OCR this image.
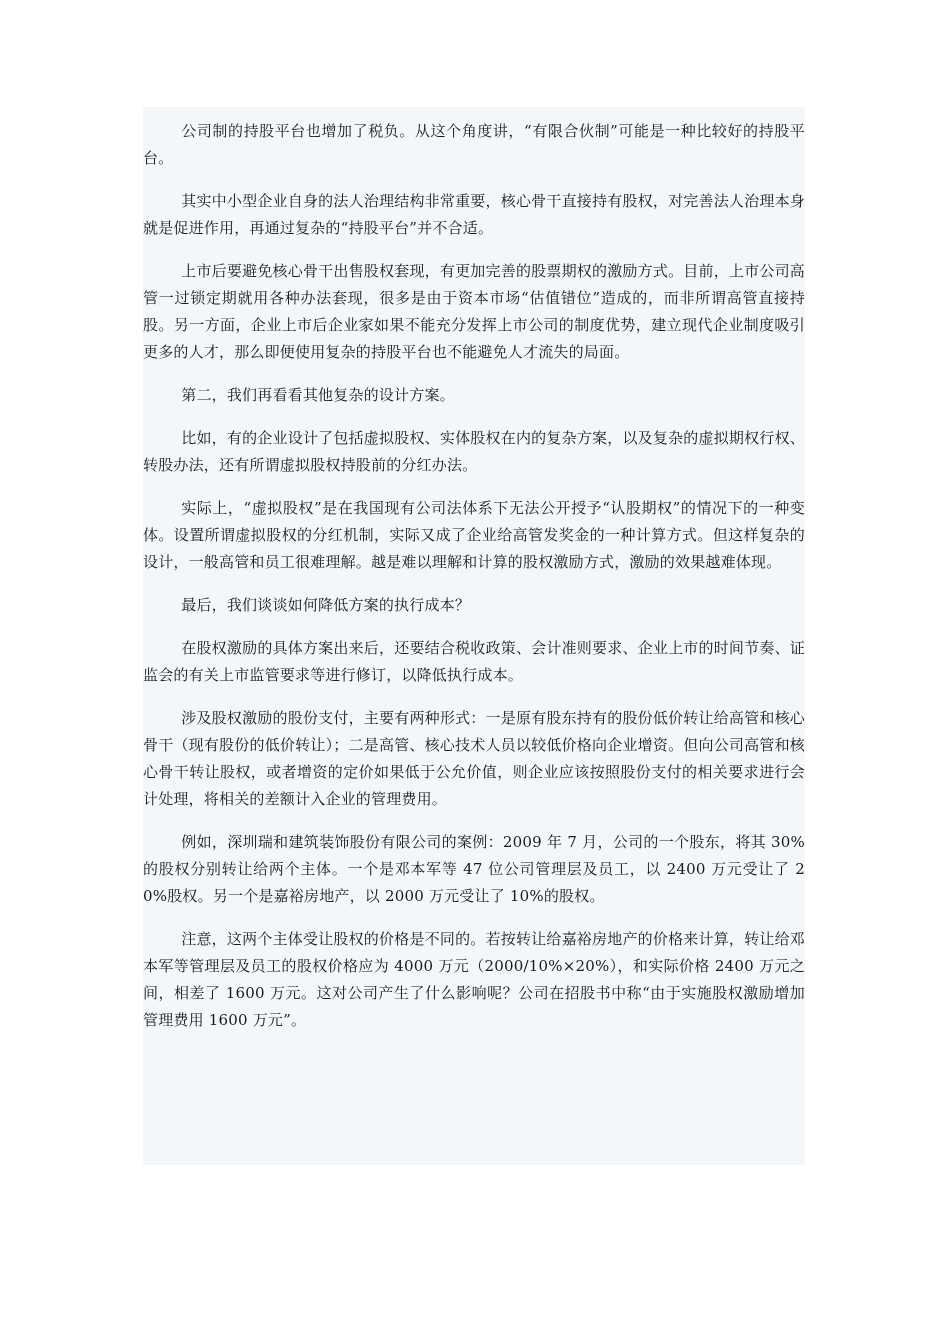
公司制的持股平台也增加了税负。从这个角度讲，“有限合伙制”可能是一种比较好的持股平台。

其实中小型企业自身的法人治理结构非常重要，核心骨干直接持有股权，对完善法人治理本身就是促进作用，再通过复杂的“持股平台”并不合适。

上市后要避免核心骨干出售股权套现，有更加完善的股票期权的激励方式。目前，上市公司高管一过锁定期就用各种办法套现，很多是由于资本市场“估值错位”造成的，而非所谓高管直接持股。另一方面，企业上市后企业家如果不能充分发挥上市公司的制度优势，建立现代企业制度吸引更多的人才，那么即便使用复杂的持股平台也不能避免人才流失的局面。

第二，我们再看看其他复杂的设计方案。

比如，有的企业设计了包括虚拟股权、实体股权在内的复杂方案，以及复杂的虚拟期权行权、转股办法，还有所谓虚拟股权持股前的分红办法。

实际上，“虚拟股权”是在我国现有公司法体系下无法公开授予“认股期权”的情况下的一种变体。设置所谓虚拟股权的分红机制，实际又成了企业给高管发奖金的一种计算方式。但这样复杂的设计，一般高管和员工很难理解。越是难以理解和计算的股权激励方式，激励的效果越难体现。

最后，我们谈谈如何降低方案的执行成本？

在股权激励的具体方案出来后，还要结合税收政策、会计准则要求、企业上市的时间节奏、证监会的有关上市监管要求等进行修订，以降低执行成本。

涉及股权激励的股份支付，主要有两种形式：一是原有股东持有的股份低价转让给高管和核心骨干（现有股份的低价转让）；二是高管、核心技术人员以较低价格向企业增资。但向公司高管和核心骨干转让股权，或者增资的定价如果低于公允价值，则企业应该按照股份支付的相关要求进行会计处理，将相关的差额计入企业的管理费用。

例如，深圳瑞和建筑装饰股份有限公司的案例：2009 年 7 月，公司的一个股东，将其 30%的股权分别转让给两个主体。一个是邓本军等 47 位公司管理层及员工，以 2400 万元受让了 20%股权。另一个是嘉裕房地产，以 2000 万元受让了 10%的股权。

注意，这两个主体受让股权的价格是不同的。若按转让给嘉裕房地产的价格来计算，转让给邓本军等管理层及员工的股权价格应为 4000 万元（2000/10%×20%），和实际价格 2400 万元之间，相差了 1600 万元。这对公司产生了什么影响呢？公司在招股书中称“由于实施股权激励增加管理费用 1600 万元”。
